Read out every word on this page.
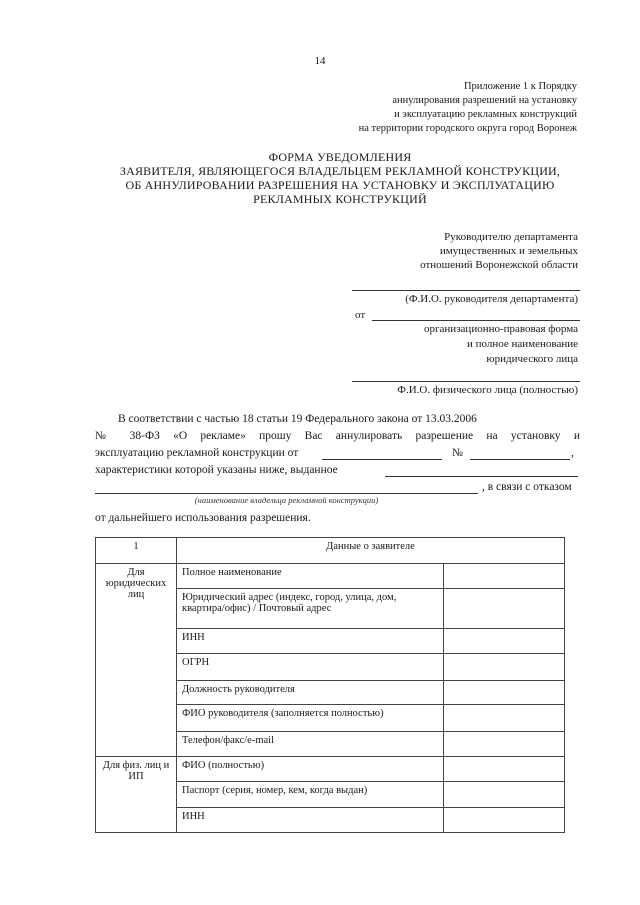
14
Приложение 1 к Порядку
аннулирования разрешений на установку
и эксплуатацию рекламных конструкций
на территории городского округа город Воронеж
ФОРМА УВЕДОМЛЕНИЯ
ЗАЯВИТЕЛЯ, ЯВЛЯЮЩЕГОСЯ ВЛАДЕЛЬЦЕМ РЕКЛАМНОЙ КОНСТРУКЦИИ,
ОБ АННУЛИРОВАНИИ РАЗРЕШЕНИЯ НА УСТАНОВКУ И ЭКСПЛУАТАЦИЮ
РЕКЛАМНЫХ КОНСТРУКЦИЙ
Руководителю департамента
имущественных и земельных
отношений Воронежской области
(Ф.И.О. руководителя департамента)
от
организационно-правовая форма
и полное наименование
юридического лица
Ф.И.О. физического лица (полностью)
В соответствии с частью 18 статьи 19 Федерального закона от 13.03.2006
№ 38-ФЗ «О рекламе» прошу Вас аннулировать разрешение на установку и
эксплуатацию рекламной конструкции от	№	,
характеристики которой указаны ниже, выданное
, в связи с отказом
(наименование владельца рекламной конструкции)
от дальнейшего использования разрешения.
1	Данные о заявителе	
Для юридических лиц	Полное наименование	
	Юридический адрес (индекс, город, улица, дом, квартира/офис) / Почтовый адрес	
	ИНН	
	ОГРН	
	Должность руководителя	
	ФИО руководителя (заполняется полностью)	
	Телефон/факс/e-mail	
Для физ. лиц и ИП	ФИО (полностью)	
	Паспорт (серия, номер, кем, когда выдан)	
	ИНН	
